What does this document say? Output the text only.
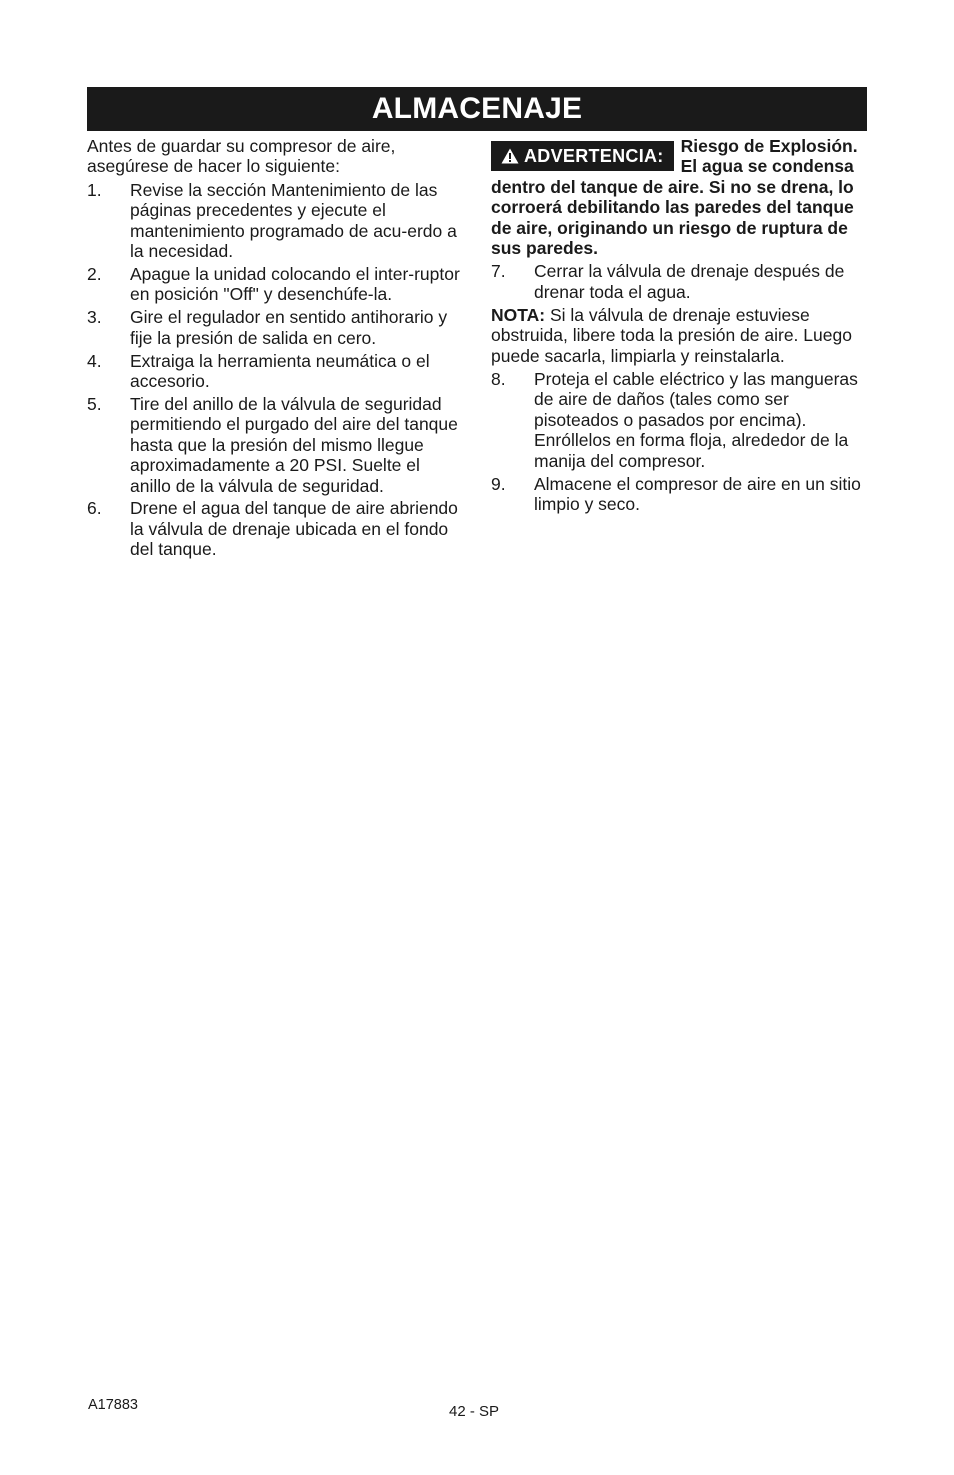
ALMACENAJE

Antes de guardar su compresor de aire, asegúrese de hacer lo siguiente:

1.	Revise la sección Mantenimiento de las páginas precedentes y ejecute el mantenimiento programado de acu-erdo a la necesidad.
2.	Apague la unidad colocando el inter-ruptor en posición "Off" y desenchúfe-la.
3.	Gire el regulador en sentido antihorario y fije la presión de salida en cero.
4.	Extraiga la herramienta neumática o el accesorio.
5.	Tire del anillo de la válvula de seguridad permitiendo el purgado del aire del tanque hasta que la presión del mismo llegue aproximadamente a 20 PSI. Suelte el anillo de la válvula de seguridad.
6.	Drene el agua del tanque de aire abriendo la válvula de drenaje ubicada en el fondo del tanque.
ADVERTENCIA: Riesgo de Explosión. El agua se condensa dentro del tanque de aire. Si no se drena, lo corroerá debilitando las paredes del tanque de aire, originando un riesgo de ruptura de sus paredes.
7.	Cerrar la válvula de drenaje después de drenar toda el agua.

NOTA: Si la válvula de drenaje estuviese obstruida, libere toda la presión de aire. Luego puede sacarla, limpiarla y reinstalarla.

8.	Proteja el cable eléctrico y las mangueras de aire de daños (tales como ser pisoteados o pasados por encima). Enróllelos en forma floja, alrededor de la manija del compresor.
9.	Almacene el compresor de aire en un sitio limpio y seco.
A17883	42 - SP
